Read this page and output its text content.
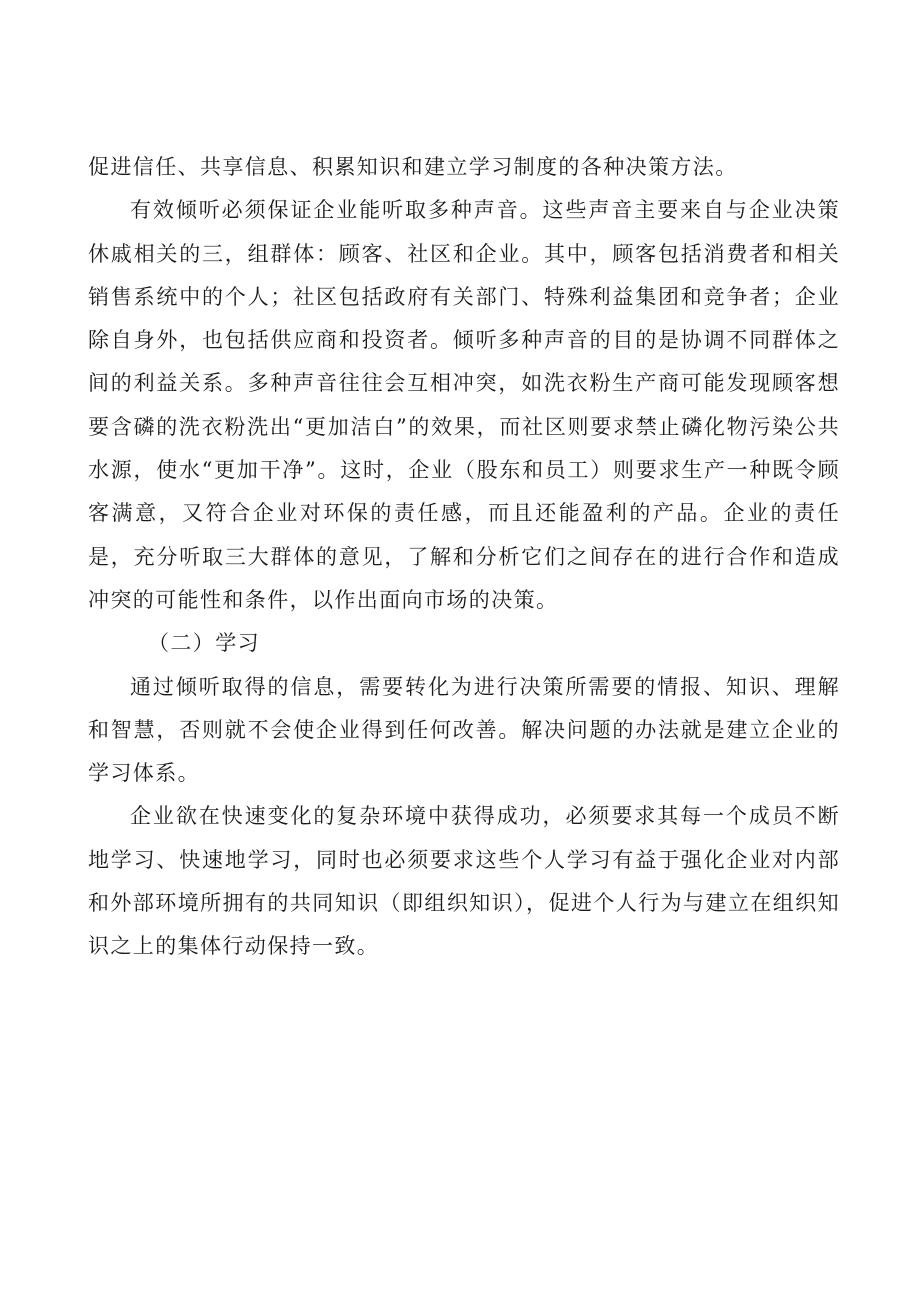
促进信任、共享信息、积累知识和建立学习制度的各种决策方法。

有效倾听必须保证企业能听取多种声音。这些声音主要来自与企业决策休戚相关的三，组群体：顾客、社区和企业。其中，顾客包括消费者和相关销售系统中的个人；社区包括政府有关部门、特殊利益集团和竞争者；企业除自身外，也包括供应商和投资者。倾听多种声音的目的是协调不同群体之间的利益关系。多种声音往往会互相冲突，如洗衣粉生产商可能发现顾客想要含磷的洗衣粉洗出“更加洁白”的效果，而社区则要求禁止磷化物污染公共水源，使水“更加干净”。这时，企业（股东和员工）则要求生产一种既令顾客满意，又符合企业对环保的责任感，而且还能盈利的产品。企业的责任是，充分听取三大群体的意见，了解和分析它们之间存在的进行合作和造成冲突的可能性和条件，以作出面向市场的决策。

（二）学习

通过倾听取得的信息，需要转化为进行决策所需要的情报、知识、理解和智慧，否则就不会使企业得到任何改善。解决问题的办法就是建立企业的学习体系。

企业欲在快速变化的复杂环境中获得成功，必须要求其每一个成员不断地学习、快速地学习，同时也必须要求这些个人学习有益于强化企业对内部和外部环境所拥有的共同知识（即组织知识），促进个人行为与建立在组织知识之上的集体行动保持一致。
